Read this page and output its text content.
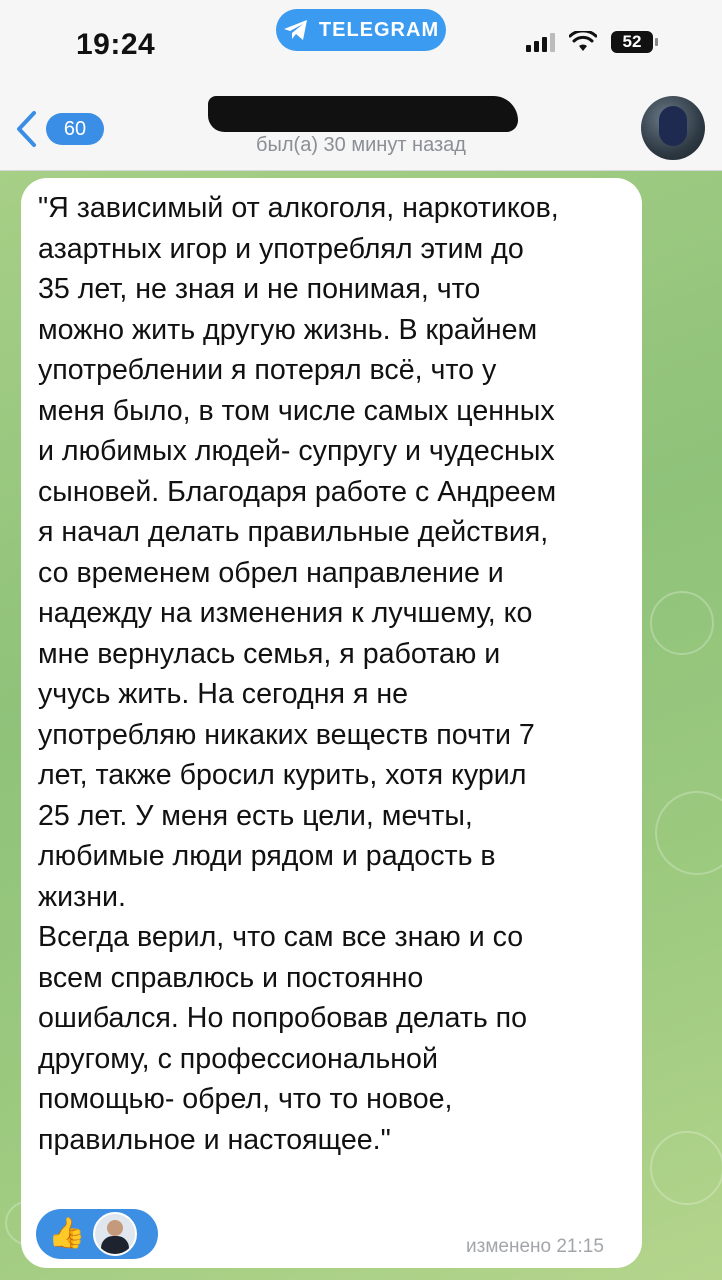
19:24	TELEGRAM
52
60
был(а) 30 минут назад
"Я зависимый от алкоголя, наркотиков,
азартных игор и употреблял этим до
35 лет, не зная и не понимая, что
можно жить другую жизнь. В крайнем
употреблении я потерял всё, что у
меня было, в том числе самых ценных
и любимых людей- супругу и чудесных
сыновей. Благодаря работе с Андреем
я начал делать правильные действия,
со временем обрел направление и
надежду на изменения к лучшему, ко
мне вернулась семья, я работаю и
учусь жить. На сегодня я не
употребляю никаких веществ почти 7
лет, также бросил курить, хотя курил
25 лет. У меня есть цели, мечты,
любимые люди рядом и радость в
жизни.
Всегда верил, что сам все знаю и со
всем справлюсь и постоянно
ошибался. Но попробовав делать по
другому, с профессиональной
помощью- обрел, что то новое,
правильное и настоящее."
👍	изменено 21:15
